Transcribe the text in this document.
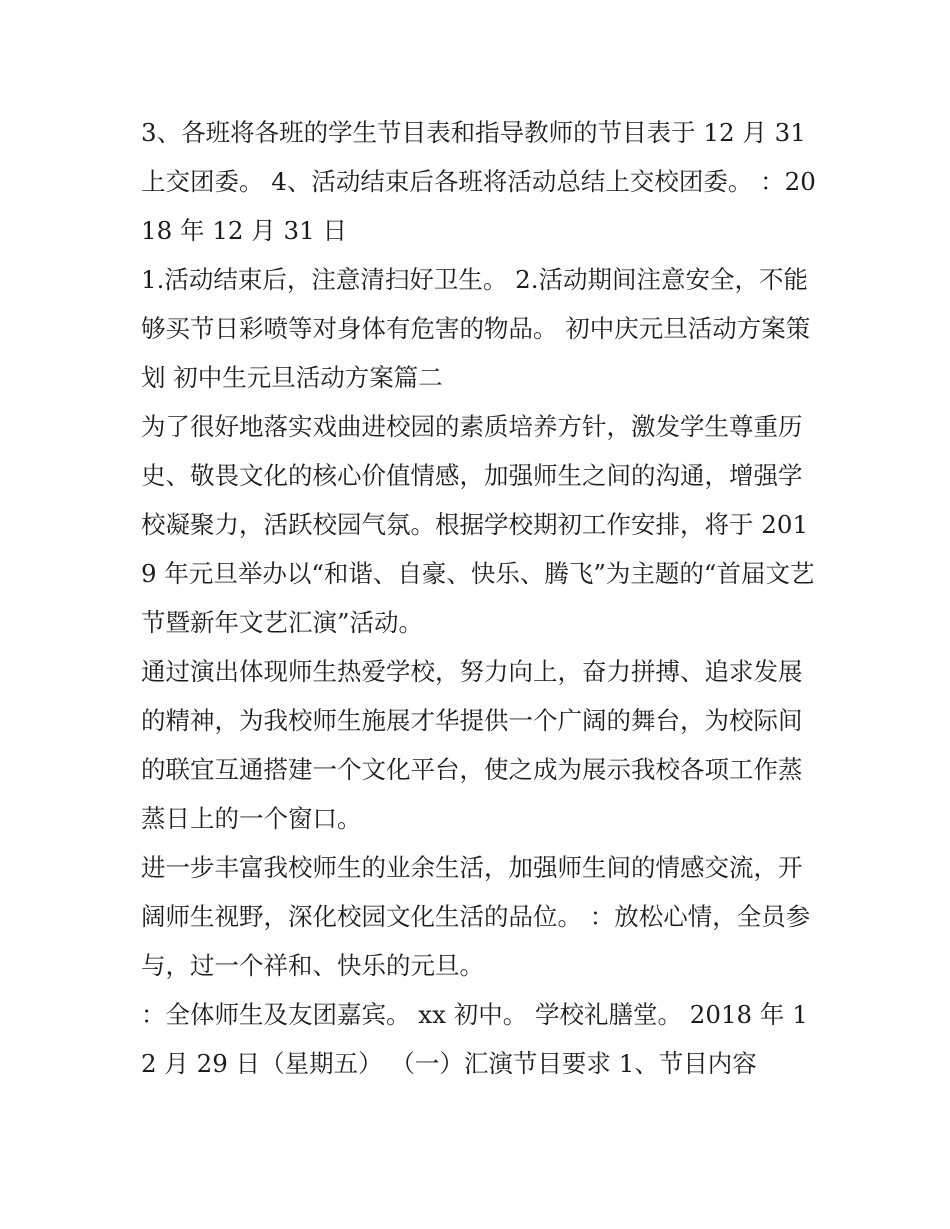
3、各班将各班的学生节目表和指导教师的节目表于 12 月 31 上交团委。 4、活动结束后各班将活动总结上交校团委。 ：2018 年 12 月 31 日

1.活动结束后，注意清扫好卫生。 2.活动期间注意安全，不能够买节日彩喷等对身体有危害的物品。 初中庆元旦活动方案策划 初中生元旦活动方案篇二

为了很好地落实戏曲进校园的素质培养方针，激发学生尊重历史、敬畏文化的核心价值情感，加强师生之间的沟通，增强学校凝聚力，活跃校园气氛。根据学校期初工作安排，将于 2019 年元旦举办以“和谐、自豪、快乐、腾飞”为主题的“首届文艺节暨新年文艺汇演”活动。

通过演出体现师生热爱学校，努力向上，奋力拼搏、追求发展的精神，为我校师生施展才华提供一个广阔的舞台，为校际间的联宜互通搭建一个文化平台，使之成为展示我校各项工作蒸蒸日上的一个窗口。

进一步丰富我校师生的业余生活，加强师生间的情感交流，开阔师生视野，深化校园文化生活的品位。 ：放松心情，全员参与，过一个祥和、快乐的元旦。

：全体师生及友团嘉宾。 xx 初中。 学校礼膳堂。 2018 年 12 月 29 日（星期五） （一）汇演节目要求 1、节目内容
